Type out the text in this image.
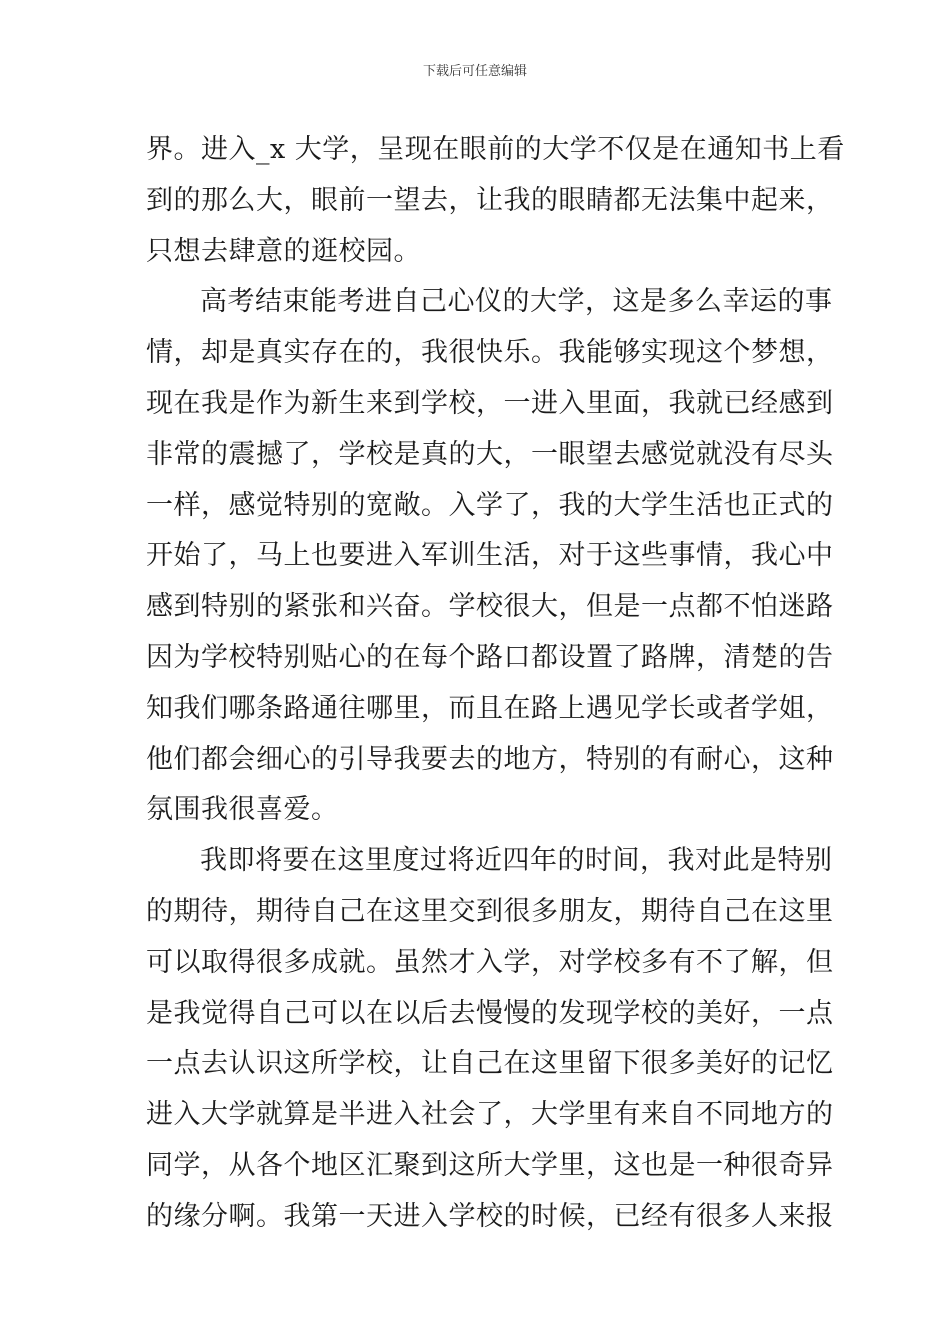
下载后可任意编辑
界。进入_x 大学，呈现在眼前的大学不仅是在通知书上看
到的那么大，眼前一望去，让我的眼睛都无法集中起来，
只想去肆意的逛校园。
高考结束能考进自己心仪的大学，这是多么幸运的事
情，却是真实存在的，我很快乐。我能够实现这个梦想，
现在我是作为新生来到学校，一进入里面，我就已经感到
非常的震撼了，学校是真的大，一眼望去感觉就没有尽头
一样，感觉特别的宽敞。入学了，我的大学生活也正式的
开始了，马上也要进入军训生活，对于这些事情，我心中
感到特别的紧张和兴奋。学校很大，但是一点都不怕迷路
因为学校特别贴心的在每个路口都设置了路牌，清楚的告
知我们哪条路通往哪里，而且在路上遇见学长或者学姐，
他们都会细心的引导我要去的地方，特别的有耐心，这种
氛围我很喜爱。
我即将要在这里度过将近四年的时间，我对此是特别
的期待，期待自己在这里交到很多朋友，期待自己在这里
可以取得很多成就。虽然才入学，对学校多有不了解，但
是我觉得自己可以在以后去慢慢的发现学校的美好，一点
一点去认识这所学校，让自己在这里留下很多美好的记忆
进入大学就算是半进入社会了，大学里有来自不同地方的
同学，从各个地区汇聚到这所大学里，这也是一种很奇异
的缘分啊。我第一天进入学校的时候，已经有很多人来报
